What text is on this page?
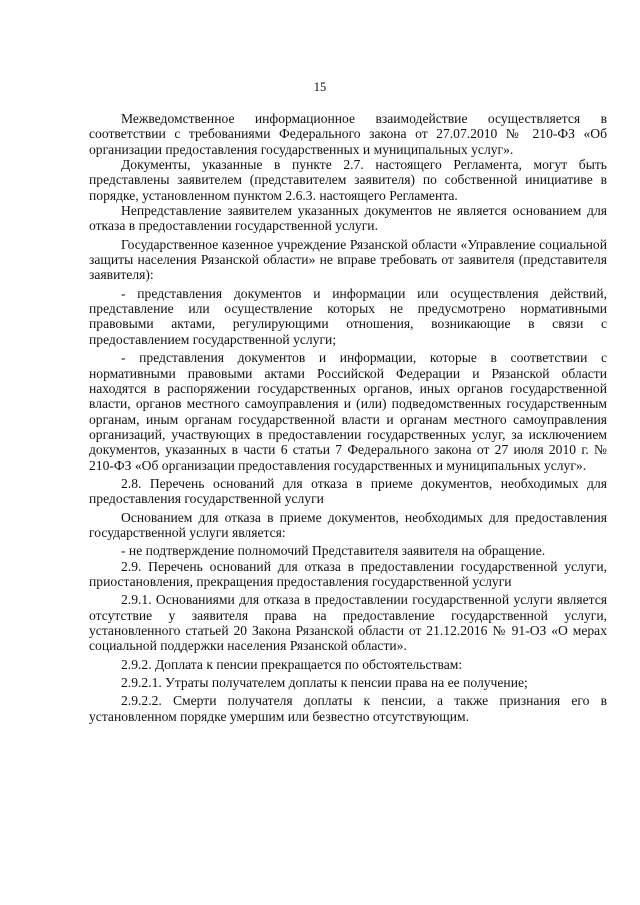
15

Межведомственное информационное взаимодействие осуществляется в соответствии с требованиями Федерального закона от 27.07.2010 № 210-ФЗ «Об организации предоставления государственных и муниципальных услуг».

Документы, указанные в пункте 2.7. настоящего Регламента, могут быть представлены заявителем (представителем заявителя) по собственной инициативе в порядке, установленном пунктом 2.6.3. настоящего Регламента.

Непредставление заявителем указанных документов не является основанием для отказа в предоставлении государственной услуги.

Государственное казенное учреждение Рязанской области «Управление социальной защиты населения Рязанской области» не вправе требовать от заявителя (представителя заявителя):

- представления документов и информации или осуществления действий, представление или осуществление которых не предусмотрено нормативными правовыми актами, регулирующими отношения, возникающие в связи с предоставлением государственной услуги;

- представления документов и информации, которые в соответствии с нормативными правовыми актами Российской Федерации и Рязанской области находятся в распоряжении государственных органов, иных органов государственной власти, органов местного самоуправления и (или) подведомственных государственным органам, иным органам государственной власти и органам местного самоуправления организаций, участвующих в предоставлении государственных услуг, за исключением документов, указанных в части 6 статьи 7 Федерального закона от 27 июля 2010 г. № 210-ФЗ «Об организации предоставления государственных и муниципальных услуг».

2.8. Перечень оснований для отказа в приеме документов, необходимых для предоставления государственной услуги

Основанием для отказа в приеме документов, необходимых для предоставления государственной услуги является:

- не подтверждение полномочий Представителя заявителя на обращение.

2.9. Перечень оснований для отказа в предоставлении государственной услуги, приостановления, прекращения предоставления государственной услуги

2.9.1. Основаниями для отказа в предоставлении государственной услуги является отсутствие у заявителя права на предоставление государственной услуги, установленного статьей 20 Закона Рязанской области от 21.12.2016 № 91-ОЗ «О мерах социальной поддержки населения Рязанской области».

2.9.2. Доплата к пенсии прекращается по обстоятельствам:

2.9.2.1. Утраты получателем доплаты к пенсии права на ее получение;

2.9.2.2. Смерти получателя доплаты к пенсии, а также признания его в установленном порядке умершим или безвестно отсутствующим.
